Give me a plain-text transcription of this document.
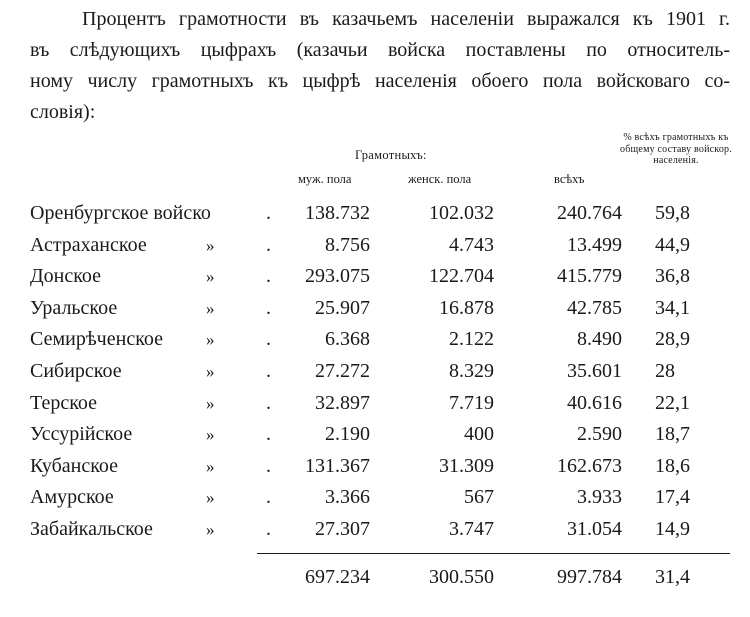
Процентъ грамотности въ казачьемъ населеніи выражался къ 1901 г.
въ слѣдующихъ цыфрахъ (казачьи войска поставлены по относитель-
ному числу грамотныхъ къ цыфрѣ населенія обоего пола войсковаго со-
словія):

Грамотныхъ:
муж. пола	женск. пола	всѣхъ
% всѣхъ грамотныхъ къ общему составу войскор. населенія.
Оренбургское войско	. 138.732	102.032	240.764 59,8
Астраханское	»	.	8.756	4.743	13.499 44,9
Донское	»	. 293.075	122.704	415.779 36,8
Уральское	»	. 25.907	16.878	42.785 34,1
Семирѣченское	»	.	6.368	2.122	8.490 28,9
Сибирское	»	. 27.272	8.329	35.601 28
Терское	»	. 32.897	7.719	40.616 22,1
Уссурійское	»	.	2.190	400	2.590 18,7
Кубанское	»	. 131.367	31.309	162.673 18,6
Амурское	»	.	3.366	567	3.933 17,4
Забайкальское	»	. 27.307	3.747	31.054 14,9
697.234	300.550	997.784 31,4
